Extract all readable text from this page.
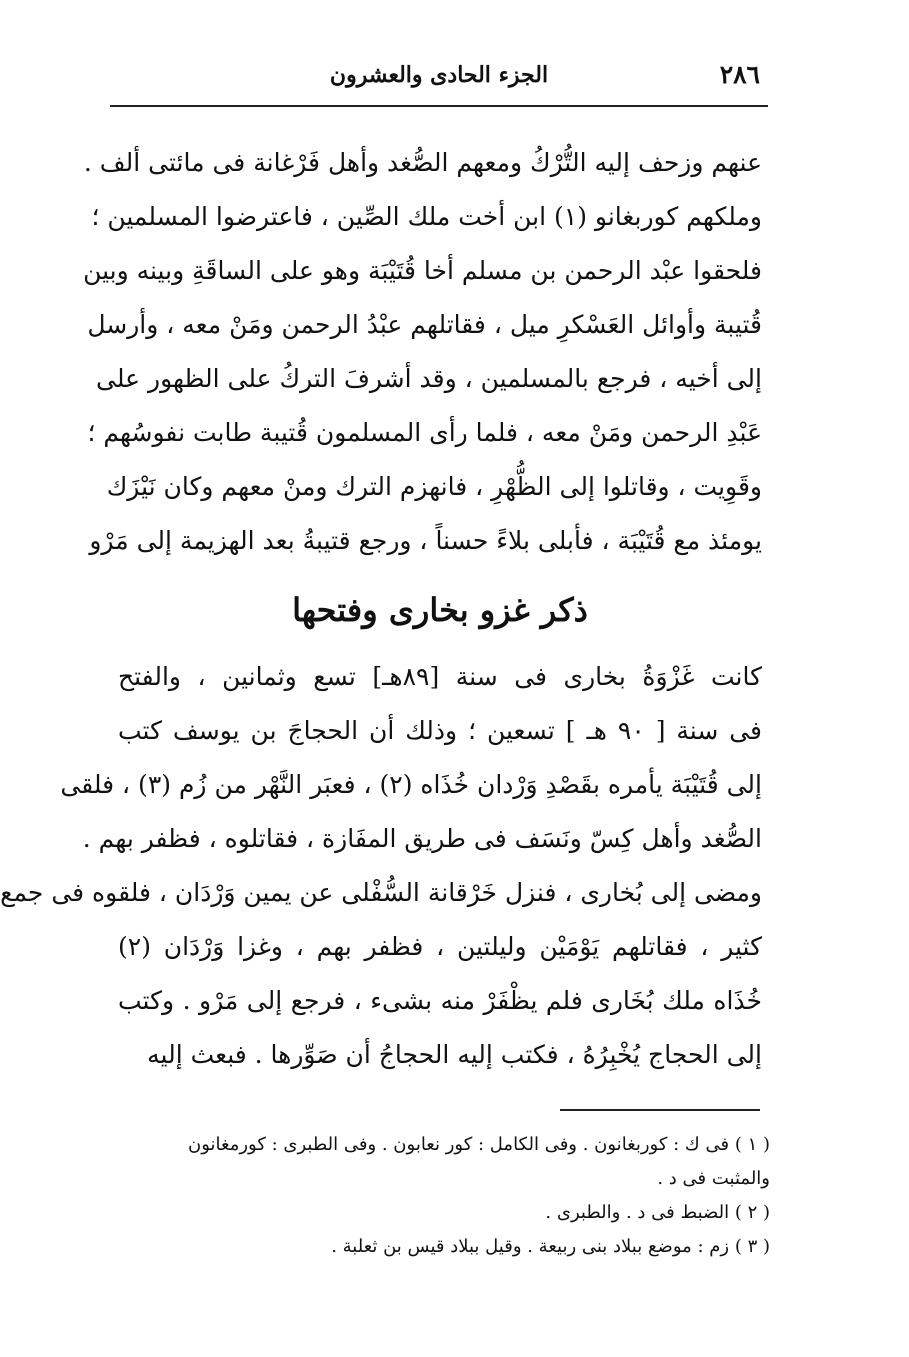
٢٨٦
الجزء الحادى والعشرون
عنهم وزحف إليه التُّرْكُ ومعهم الصُّغد وأهل فَرْغانة فى مائتى ألف .
وملكهم كوربغانو (١) ابن أخت ملك الصِّين ، فاعترضوا المسلمين ؛
فلحقوا عبْد الرحمن بن مسلم أخا قُتَيْبَة وهو على الساقَةِ وبينه وبين
قُتيبة وأوائل العَسْكرِ ميل ، فقاتلهم عبْدُ الرحمن ومَنْ معه ، وأرسل
إلى أخيه ، فرجع بالمسلمين ، وقد أشرفَ التركُ على الظهور على
عَبْدِ الرحمن ومَنْ معه ، فلما رأى المسلمون قُتيبة طابت نفوسُهم ؛
وقَوِيت ، وقاتلوا إلى الظُّهْرِ ، فانهزم الترك ومنْ معهم وكان نَيْزَك
يومئذ مع قُتَيْبَة ، فأبلى بلاءً حسناً ، ورجع قتيبةُ بعد الهزيمة إلى مَرْو
ذكر غزو بخارى وفتحها
كانت غَزْوَةُ بخارى فى سنة [٨٩هـ] تسع وثمانين ، والفتح
فى سنة [ ٩٠ هـ ] تسعين ؛ وذلك أن الحجاجَ بن يوسف كتب
إلى قُتَيْبَة يأمره بقَصْدِ وَرْدان خُذَاه (٢) ، فعبَر النَّهْر من زُم (٣) ، فلقى
الصُّغد وأهل كِسّ ونَسَف فى طريق المفَازة ، فقاتلوه ، فظفر بهم .
ومضى إلى بُخارى ، فنزل خَرْقانة السُّفْلى عن يمين وَرْدَان ، فلقوه فى جمع
كثير ، فقاتلهم يَوْمَيْن وليلتين ، فظفر بهم ، وغزا وَرْدَان (٢)
خُذَاه ملك بُخَارى فلم يظْفَرْ منه بشىء ، فرجع إلى مَرْو . وكتب
إلى الحجاج يُخْبِرُهُ ، فكتب إليه الحجاجُ أن صَوِّرها . فبعث إليه
( ١ ) فى ك : كوربغانون . وفى الكامل : كور نعابون . وفى الطبرى : كورمغانون
والمثبت فى د .
( ٢ ) الضبط فى د . والطبرى .
( ٣ ) زم : موضع ببلاد بنى ربيعة . وقيل ببلاد قيس بن ثعلبة .
